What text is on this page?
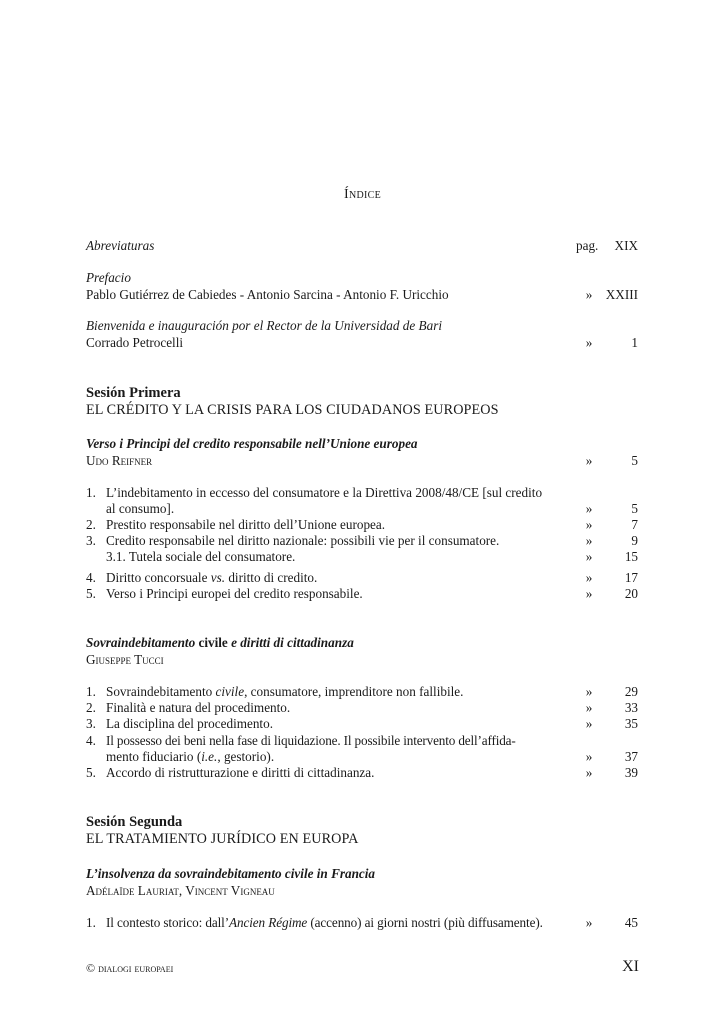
Índice
Abreviaturas	pag. XIX
Prefacio
Pablo Gutiérrez de Cabiedes - Antonio Sarcina - Antonio F. Uricchio	» XXIII
Bienvenida e inauguración por el Rector de la Universidad de Bari
Corrado Petrocelli	»	1
Sesión Primera
EL CRÉDITO Y LA CRISIS PARA LOS CIUDADANOS EUROPEOS
Verso i Principi del credito responsabile nell’Unione europea
Udo Reifner	»	5
1. L’indebitamento in eccesso del consumatore e la Direttiva 2008/48/CE [sul credito
al consumo].	»	5
2. Prestito responsabile nel diritto dell’Unione europea.	»	7
3. Credito responsabile nel diritto nazionale: possibili vie per il consumatore.	»	9
3.1. Tutela sociale del consumatore.	» 15
4. Diritto concorsuale vs. diritto di credito.	» 17
5. Verso i Principi europei del credito responsabile.	» 20
Sovraindebitamento civile e diritti di cittadinanza
Giuseppe Tucci
1. Sovraindebitamento civile, consumatore, imprenditore non fallibile.	» 29
2. Finalità e natura del procedimento.	» 33
3. La disciplina del procedimento.	» 35
4. Il possesso dei beni nella fase di liquidazione. Il possibile intervento dell’affida-
mento fiduciario (i.e., gestorio).	» 37
5. Accordo di ristrutturazione e diritti di cittadinanza.	» 39
Sesión Segunda
EL TRATAMIENTO JURÍDICO EN EUROPA
L’insolvenza da sovraindebitamento civile in Francia
Adélaïde Lauriat, Vincent Vigneau
1. Il contesto storico: dall’Ancien Régime (accenno) ai giorni nostri (più diffusamente).	» 45
© dialogi europaei	XI
